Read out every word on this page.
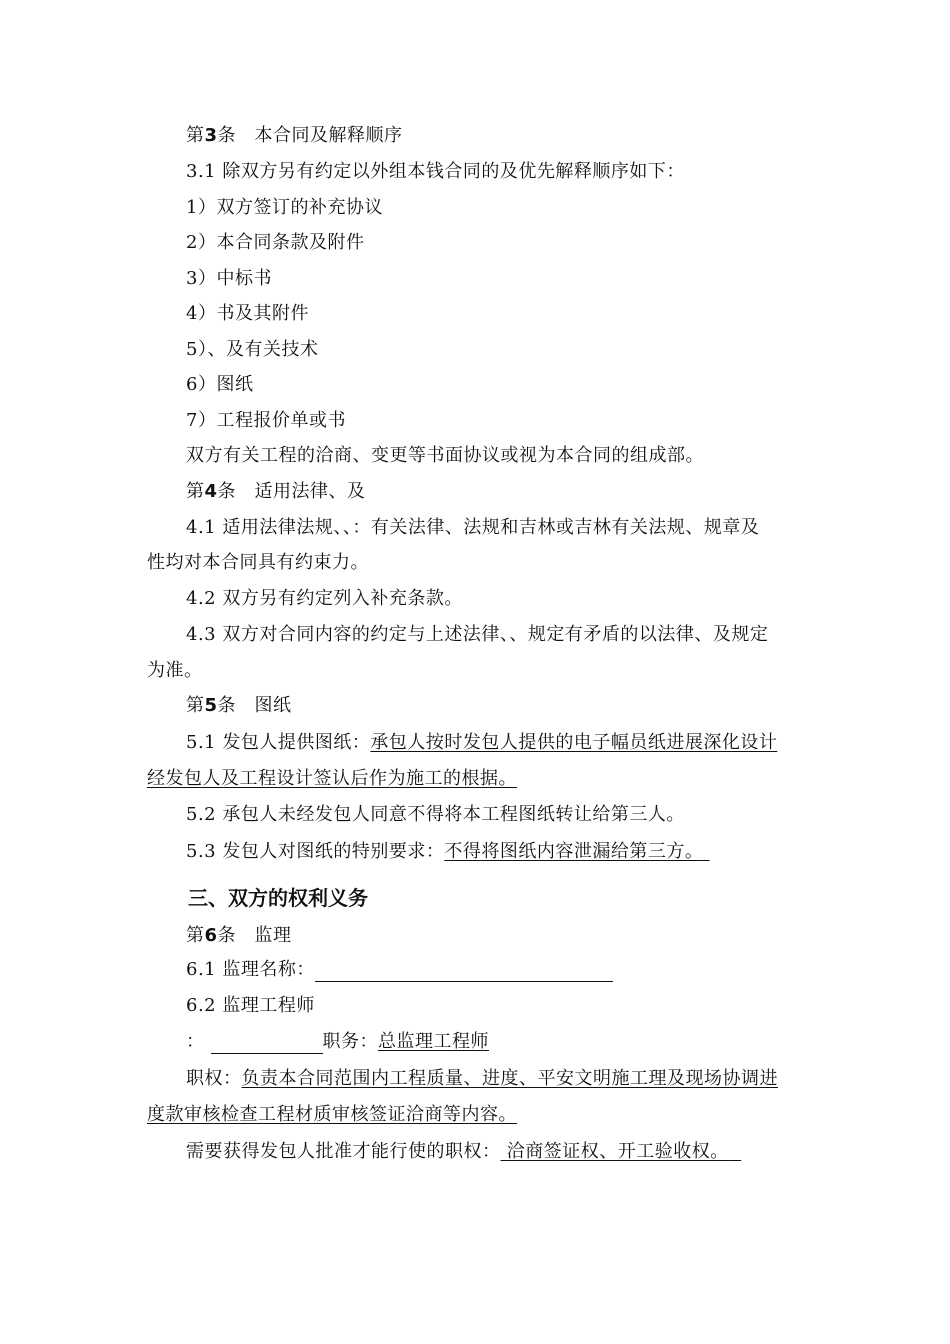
第3条　本合同及解释顺序
3.1 除双方另有约定以外组本钱合同的及优先解释顺序如下：
1）双方签订的补充协议
2）本合同条款及附件
3）中标书
4）书及其附件
5）、及有关技术
6）图纸
7）工程报价单或书
双方有关工程的洽商、变更等书面协议或视为本合同的组成部。
第4条　适用法律、及
4.1 适用法律法规、、：有关法律、法规和吉林或吉林有关法规、规章及
性均对本合同具有约束力。
4.2 双方另有约定列入补充条款。
4.3 双方对合同内容的约定与上述法律、、规定有矛盾的以法律、及规定
为准。
第5条　图纸
5.1 发包人提供图纸：承包人按时发包人提供的电子幅员纸进展深化设计
经发包人及工程设计签认后作为施工的根据。
5.2 承包人未经发包人同意不得将本工程图纸转让给第三人。
5.3 发包人对图纸的特别要求：不得将图纸内容泄漏给第三方。
三、双方的权利义务
第6条　监理
6.1 监理名称：
6.2 监理工程师
：	职务：总监理工程师
职权：负责本合同范围内工程质量、进度、平安文明施工理及现场协调进
度款审核检查工程材质审核签证洽商等内容。
需要获得发包人批准才能行使的职权： 洽商签证权、开工验收权。
